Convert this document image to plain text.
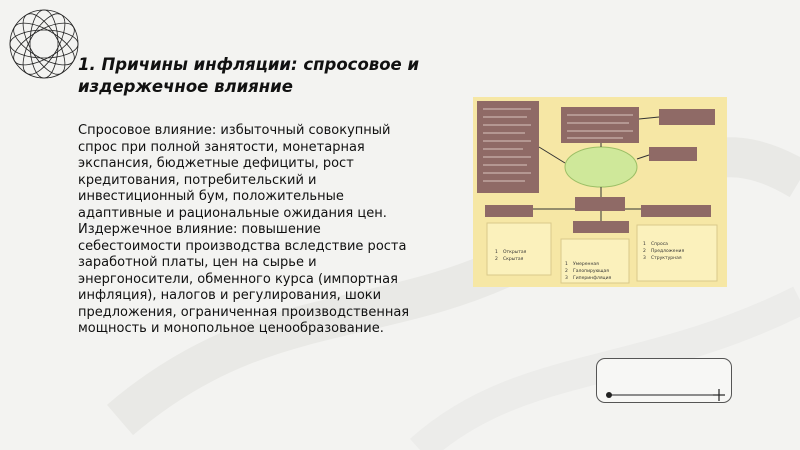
1. Причины инфляции: спросовое и издержечное влияние

Спросовое влияние: избыточный совокупный спрос при полной занятости, монетарная экспансия, бюджетные дефициты, рост кредитования, потребительский и инвестиционный бум, положительные адаптивные и рациональные ожидания цен. Издержечное влияние: повышение себестоимости производства вследствие роста заработной платы, цен на сырье и энергоносители, обменного курса (импортная инфляция), налогов и регулирования, шоки предложения, ограниченная производственная мощность и монопольное ценообразование.

1 Открытая
2 Скрытая
1 Умеренная
2 Галопирующая
3 Гиперинфляция
1 Спроса
2 Предложения
3 Структурная
